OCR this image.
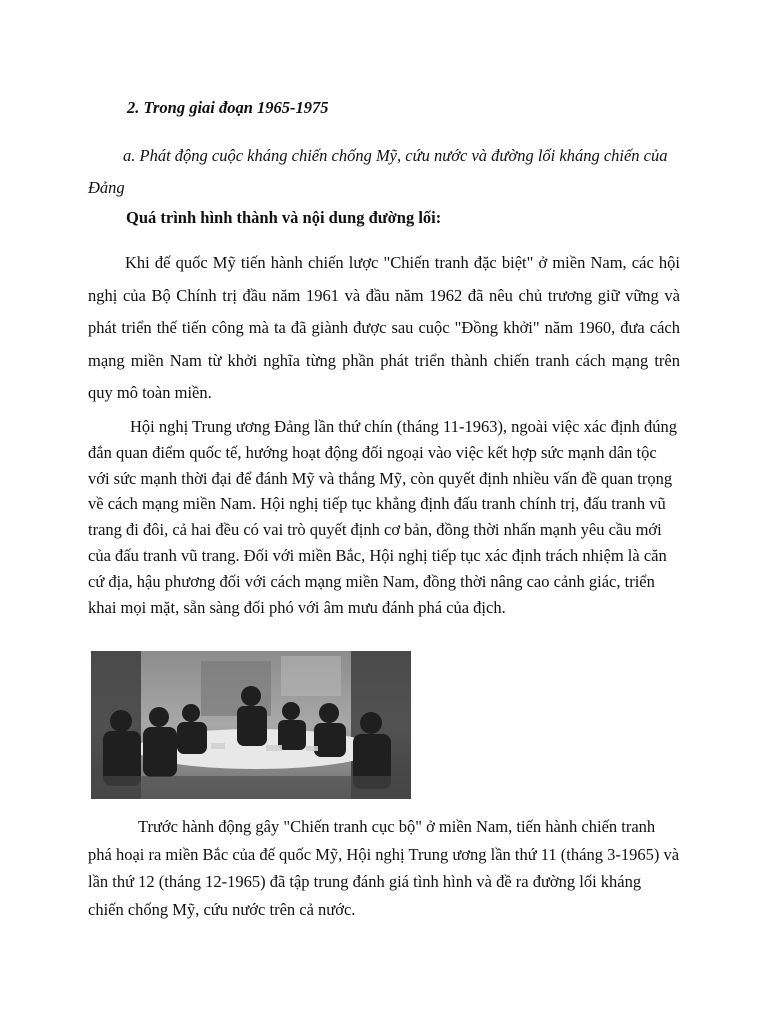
2. Trong giai đoạn 1965-1975
a. Phát động cuộc kháng chiến chống Mỹ, cứu nước và đường lối kháng chiến của Đảng
Quá trình hình thành và nội dung đường lối:
Khi đế quốc Mỹ tiến hành chiến lược "Chiến tranh đặc biệt" ở miền Nam, các hội nghị của Bộ Chính trị đầu năm 1961 và đầu năm 1962 đã nêu chủ trương giữ vững và phát triển thế tiến công mà ta đã giành được sau cuộc "Đồng khởi" năm 1960, đưa cách mạng miền Nam từ khởi nghĩa từng phần phát triển thành chiến tranh cách mạng trên quy mô toàn miền.
Hội nghị Trung ương Đảng lần thứ chín (tháng 11-1963), ngoài việc xác định đúng đắn quan điểm quốc tế, hướng hoạt động đối ngoại vào việc kết hợp sức mạnh dân tộc với sức mạnh thời đại để đánh Mỹ và thắng Mỹ, còn quyết định nhiều vấn đề quan trọng về cách mạng miền Nam. Hội nghị tiếp tục khẳng định đấu tranh chính trị, đấu tranh vũ trang đi đôi, cả hai đều có vai trò quyết định cơ bản, đồng thời nhấn mạnh yêu cầu mới của đấu tranh vũ trang. Đối với miền Bắc, Hội nghị tiếp tục xác định trách nhiệm là căn cứ địa, hậu phương đối với cách mạng miền Nam, đồng thời nâng cao cảnh giác, triển khai mọi mặt, sẵn sàng đối phó với âm mưu đánh phá của địch.
Trước hành động gây "Chiến tranh cục bộ" ở miền Nam, tiến hành chiến tranh phá hoại ra miền Bắc của đế quốc Mỹ, Hội nghị Trung ương lần thứ 11 (tháng 3-1965) và lần thứ 12 (tháng 12-1965) đã tập trung đánh giá tình hình và đề ra đường lối kháng chiến chống Mỹ, cứu nước trên cả nước.
